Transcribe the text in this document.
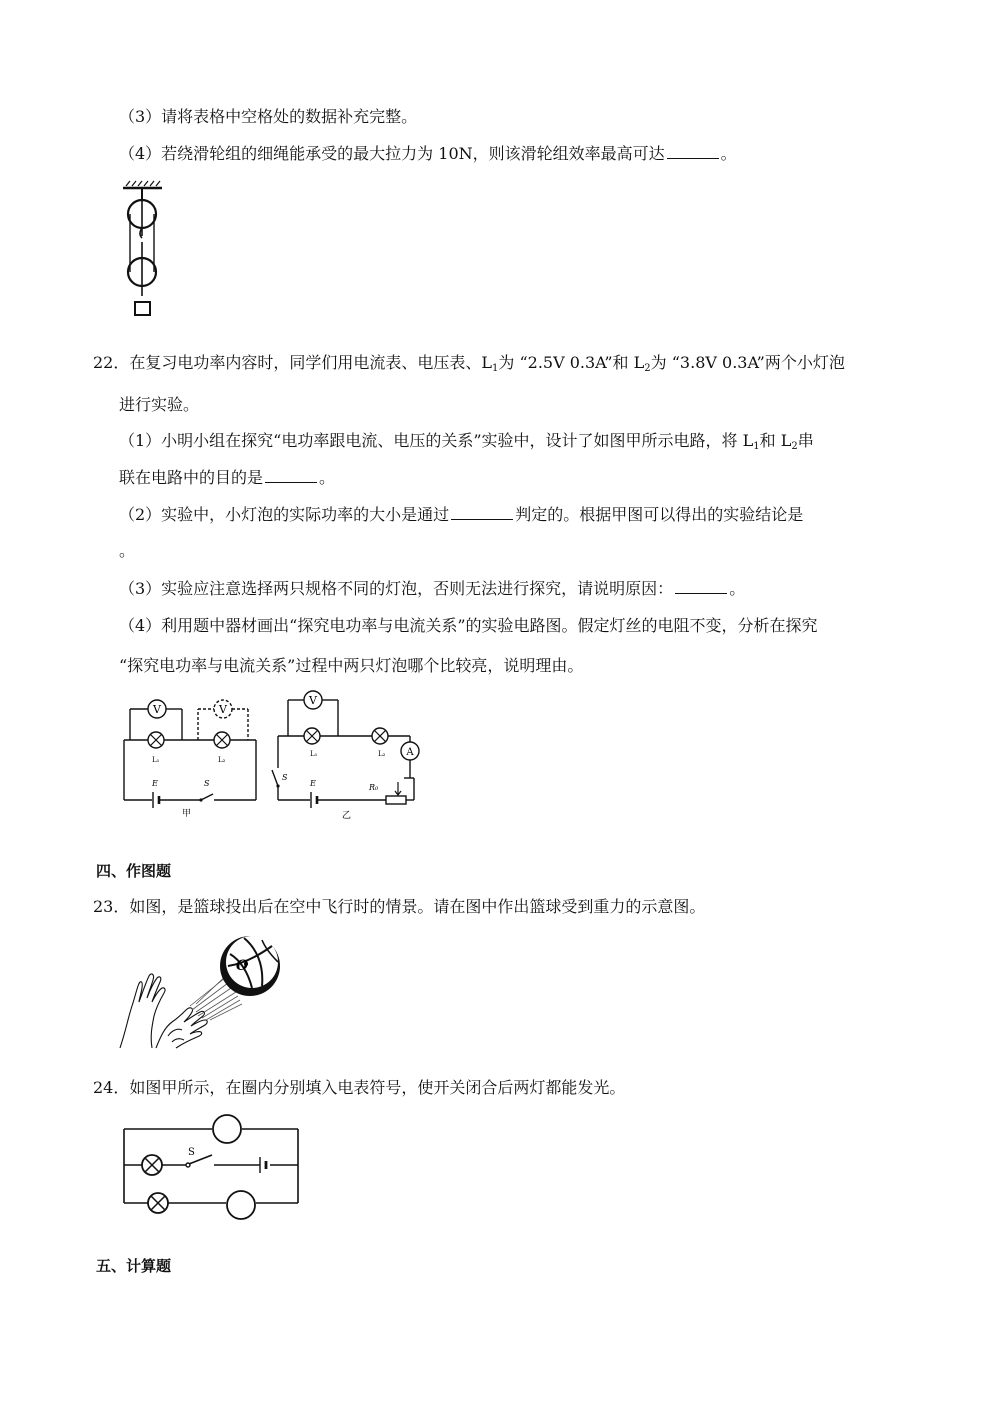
（3）请将表格中空格处的数据补充完整。
（4）若绕滑轮组的细绳能承受的最大拉力为 10N，则该滑轮组效率最高可达	。
22．在复习电功率内容时，同学们用电流表、电压表、$L_1$为 “2.5V 0.3A”和 $L_2$为 “3.8V 0.3A”两个小灯泡
进行实验。
（1）小明小组在探究“电功率跟电流、电压的关系”实验中，设计了如图甲所示电路，将 $L_1$和 $L_2$串
联在电路中的目的是	。
（2）实验中，小灯泡的实际功率的大小是通过	判定的。根据甲图可以得出的实验结论是
。
（3）实验应注意选择两只规格不同的灯泡，否则无法进行探究，请说明原因：	。
（4）利用题中器材画出“探究电功率与电流关系”的实验电路图。假定灯丝的电阻不变，分析在探究
“探究电功率与电流关系”过程中两只灯泡哪个比较亮，说明理由。
V	V
L₁	L₂
E	S
甲
V
L₁	L₂ A
S
E	R₀
乙
四、作图题
23．如图，是篮球投出后在空中飞行时的情景。请在图中作出篮球受到重力的示意图。
O
24．如图甲所示，在圈内分别填入电表符号，使开关闭合后两灯都能发光。
S
五、计算题
